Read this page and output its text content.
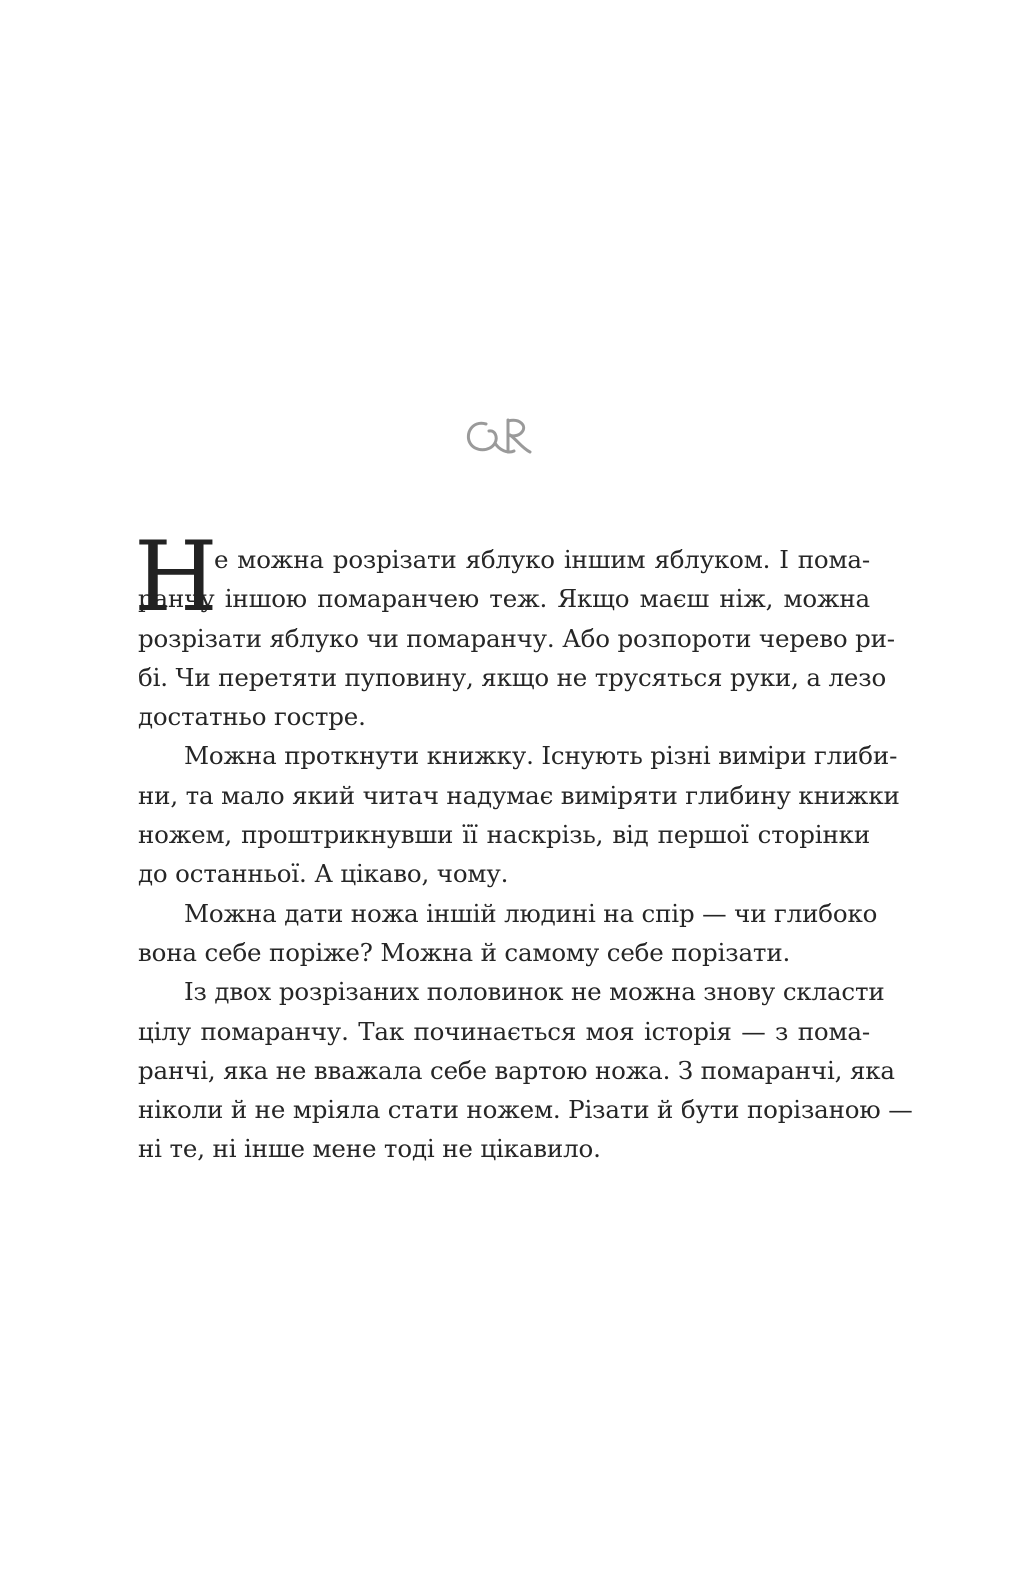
Н
е можна розрізати яблуко іншим яблуком. І пома-
ранчу іншою помаранчею теж. Якщо маєш ніж, можна
розрізати яблуко чи помаранчу. Або розпороти черево ри-
бі. Чи перетяти пуповину, якщо не трусяться руки, а лезо
достатньо гостре.
Можна проткнути книжку. Існують різні виміри глиби-
ни, та мало який читач надумає виміряти глибину книжки
ножем, проштрикнувши її наскрізь, від першої сторінки
до останньої. А цікаво, чому.
Можна дати ножа іншій людині на спір — чи глибоко
вона себе поріже? Можна й самому себе порізати.
Із двох розрізаних половинок не можна знову скласти
цілу помаранчу. Так починається моя історія — з пома-
ранчі, яка не вважала себе вартою ножа. З помаранчі, яка
ніколи й не мріяла стати ножем. Різати й бути порізаною —
ні те, ні інше мене тоді не цікавило.
